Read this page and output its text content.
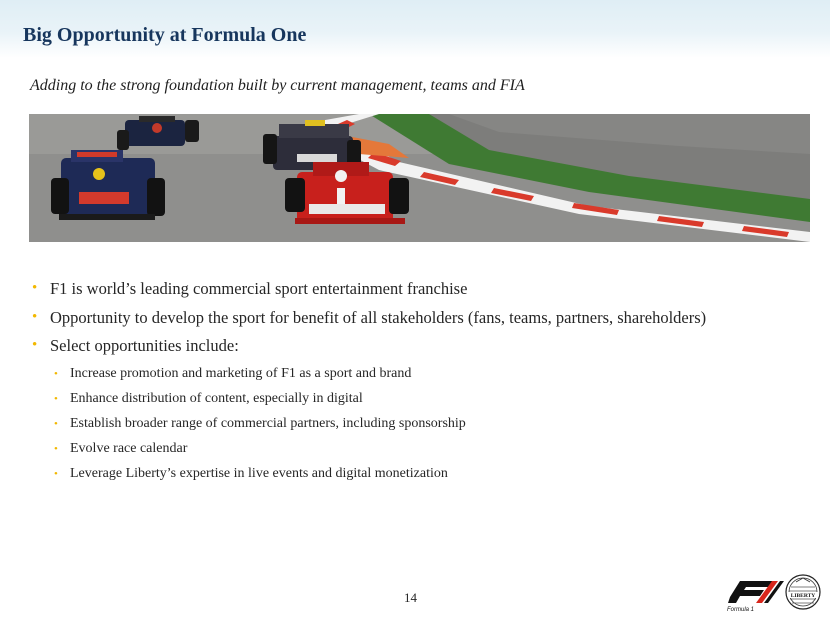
Big Opportunity at Formula One
Adding to the strong foundation built by current management, teams and FIA
• F1 is world’s leading commercial sport entertainment franchise
• Opportunity to develop the sport for benefit of all stakeholders (fans, teams, partners, shareholders)
• Select opportunities include:
• Increase promotion and marketing of F1 as a sport and brand
• Enhance distribution of content, especially in digital
• Establish broader range of commercial partners, including sponsorship
• Evolve race calendar
• Leverage Liberty’s expertise in live events and digital monetization
14
Formula 1
LIBERTY
